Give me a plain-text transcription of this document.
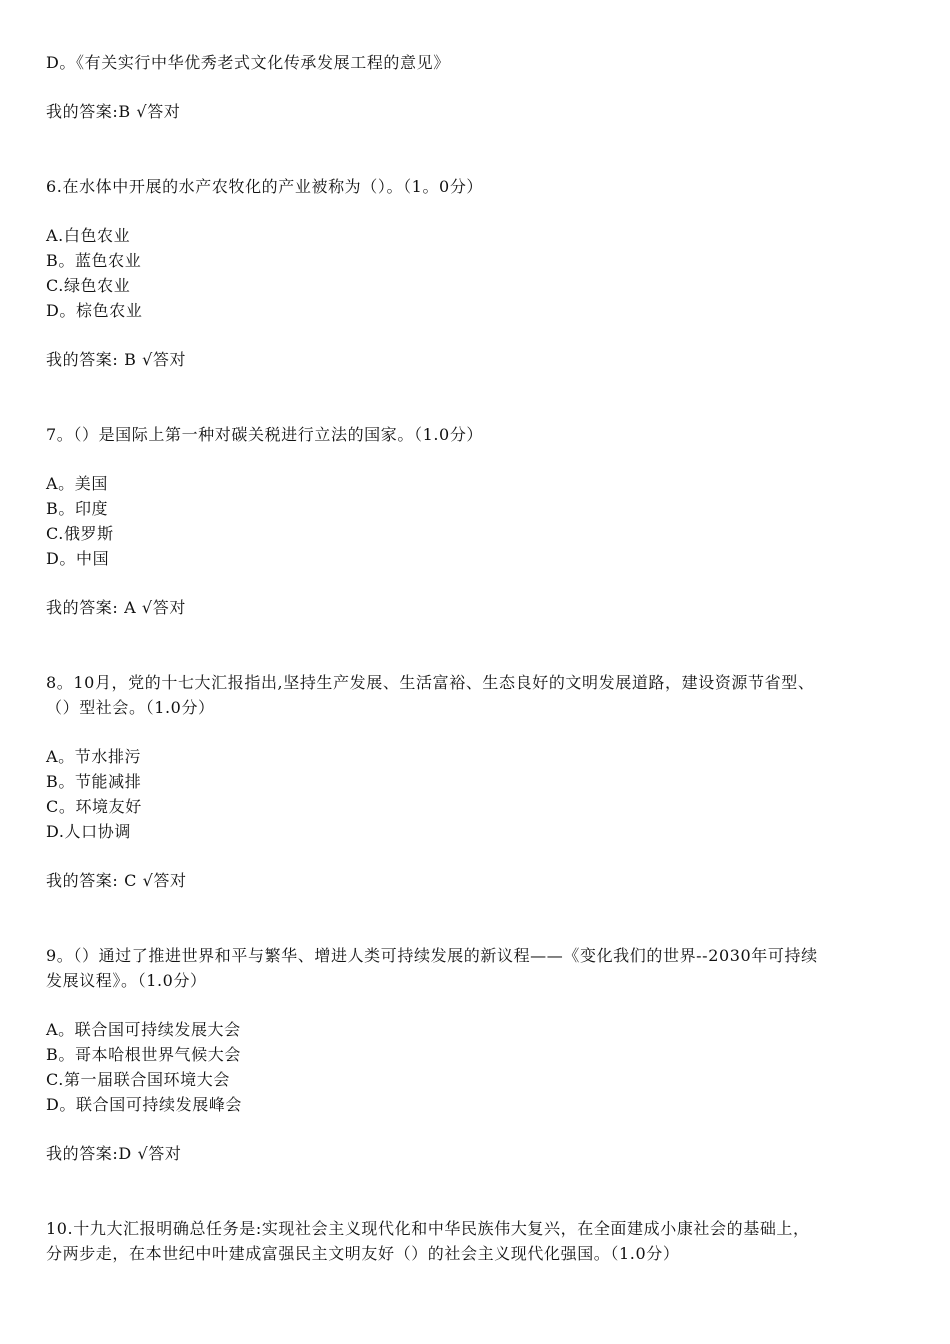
D。《有关实行中华优秀老式文化传承发展工程的意见》
我的答案:B √答对
6.在水体中开展的水产农牧化的产业被称为（）。（1。0分）
A.白色农业
B。蓝色农业
C.绿色农业
D。棕色农业
我的答案: B √答对
7。（）是国际上第一种对碳关税进行立法的国家。（1.0分）
A。美国
B。印度
C.俄罗斯
D。中国
我的答案: A √答对
8。10月，党的十七大汇报指出,坚持生产发展、生活富裕、生态良好的文明发展道路，建设资源节省型、
（）型社会。（1.0分）
A。节水排污
B。节能减排
C。环境友好
D.人口协调
我的答案: C √答对
9。（）通过了推进世界和平与繁华、增进人类可持续发展的新议程——《变化我们的世界--2030年可持续
发展议程》。（1.0分）
A。联合国可持续发展大会
B。哥本哈根世界气候大会
C.第一届联合国环境大会
D。联合国可持续发展峰会
我的答案:D √答对
10.十九大汇报明确总任务是:实现社会主义现代化和中华民族伟大复兴，在全面建成小康社会的基础上，
分两步走，在本世纪中叶建成富强民主文明友好（）的社会主义现代化强国。（1.0分）
